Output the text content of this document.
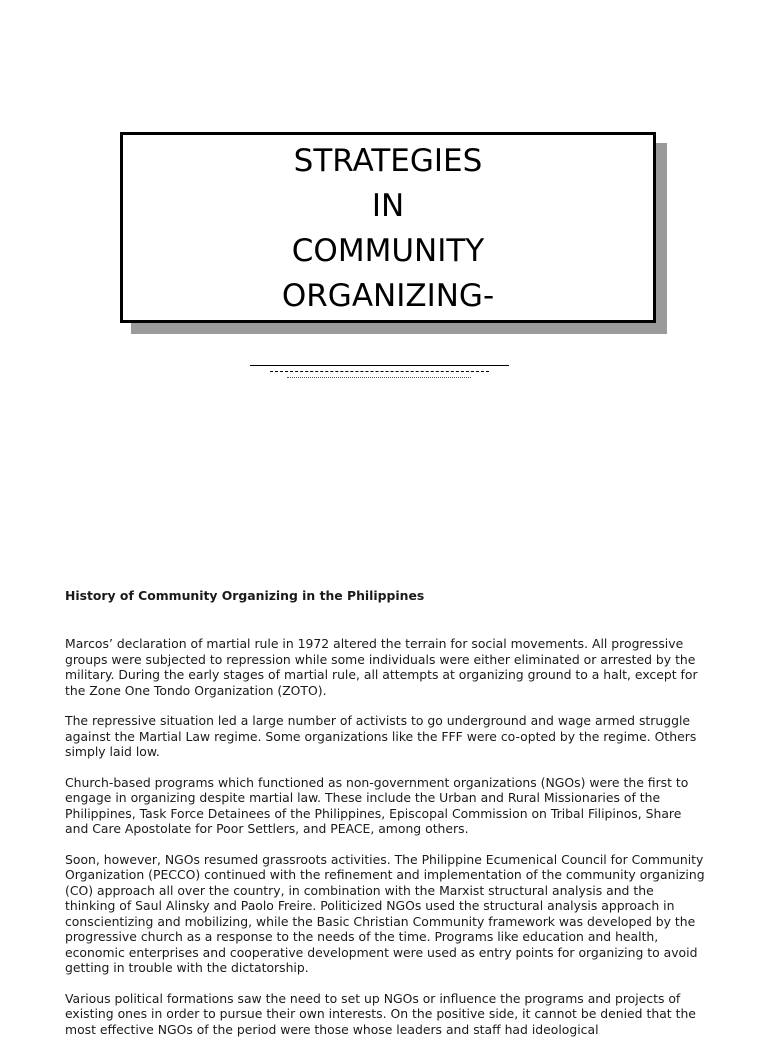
STRATEGIES
IN
COMMUNITY
ORGANIZING-

History of Community Organizing in the Philippines

Marcos’ declaration of martial rule in 1972 altered the terrain for social movements. All progressive groups were subjected to repression while some individuals were either eliminated or arrested by the military. During the early stages of martial rule, all attempts at organizing ground to a halt, except for the Zone One Tondo Organization (ZOTO).

The repressive situation led a large number of activists to go underground and wage armed struggle against the Martial Law regime. Some organizations like the FFF were co-opted by the regime. Others simply laid low.

Church-based programs which functioned as non-government organizations (NGOs) were the first to engage in organizing despite martial law. These include the Urban and Rural Missionaries of the Philippines, Task Force Detainees of the Philippines, Episcopal Commission on Tribal Filipinos, Share and Care Apostolate for Poor Settlers, and PEACE, among others.

Soon, however, NGOs resumed grassroots activities. The Philippine Ecumenical Council for Community Organization (PECCO) continued with the refinement and implementation of the community organizing (CO) approach all over the country, in combination with the Marxist structural analysis and the thinking of Saul Alinsky and Paolo Freire. Politicized NGOs used the structural analysis approach in conscientizing and mobilizing, while the Basic Christian Community framework was developed by the progressive church as a response to the needs of the time. Programs like education and health, economic enterprises and cooperative development were used as entry points for organizing to avoid getting in trouble with the dictatorship.

Various political formations saw the need to set up NGOs or influence the programs and projects of existing ones in order to pursue their own interests. On the positive side, it cannot be denied that the most effective NGOs of the period were those whose leaders and staff had ideological
